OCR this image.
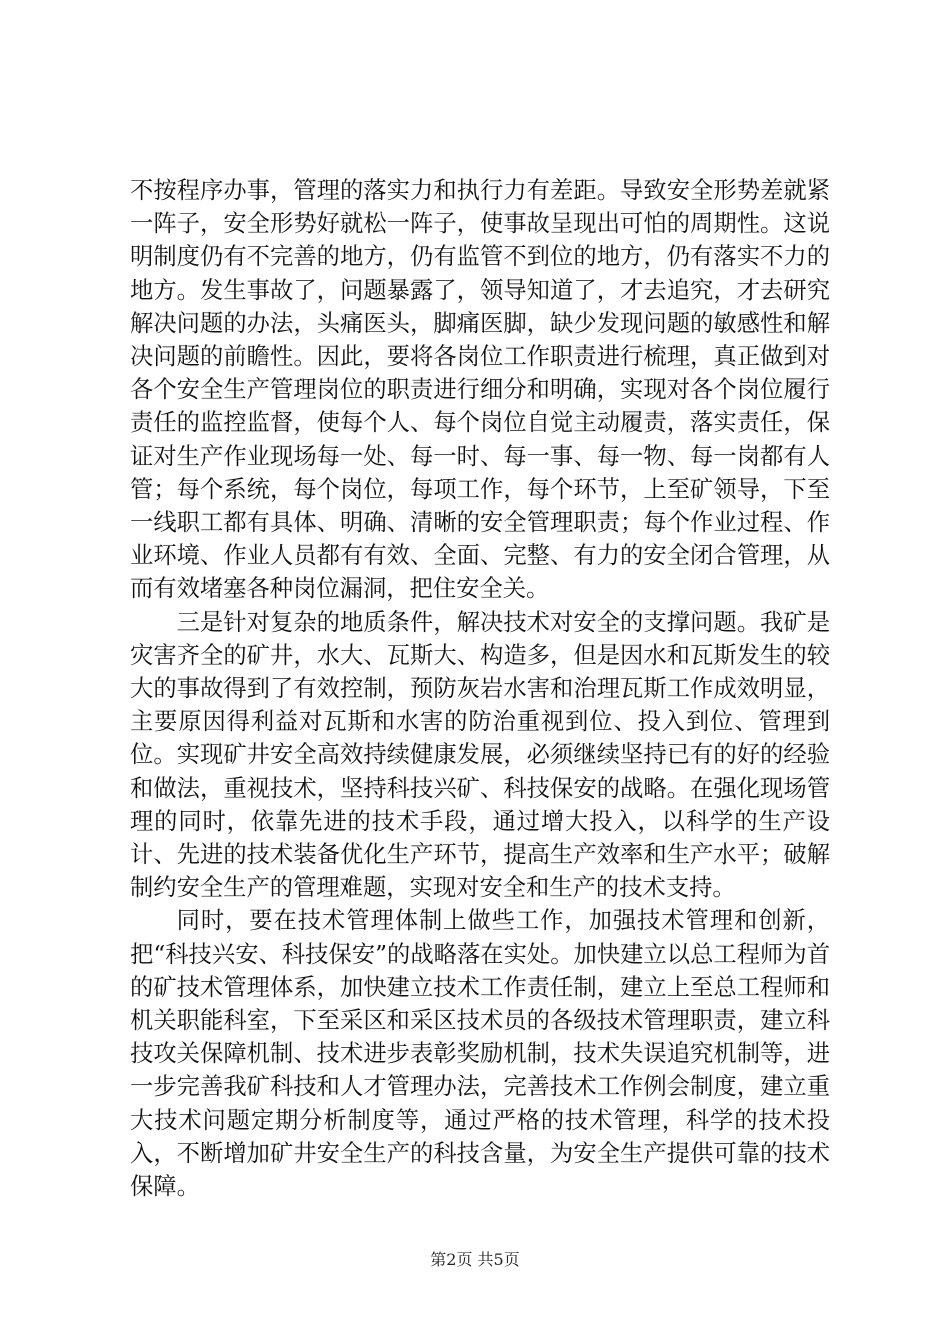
不按程序办事，管理的落实力和执行力有差距。导致安全形势差就紧一阵子，安全形势好就松一阵子，使事故呈现出可怕的周期性。这说明制度仍有不完善的地方，仍有监管不到位的地方，仍有落实不力的地方。发生事故了，问题暴露了，领导知道了，才去追究，才去研究解决问题的办法，头痛医头，脚痛医脚，缺少发现问题的敏感性和解决问题的前瞻性。因此，要将各岗位工作职责进行梳理，真正做到对各个安全生产管理岗位的职责进行细分和明确，实现对各个岗位履行责任的监控监督，使每个人、每个岗位自觉主动履责，落实责任，保证对生产作业现场每一处、每一时、每一事、每一物、每一岗都有人管；每个系统，每个岗位，每项工作，每个环节，上至矿领导，下至一线职工都有具体、明确、清晰的安全管理职责；每个作业过程、作业环境、作业人员都有有效、全面、完整、有力的安全闭合管理，从而有效堵塞各种岗位漏洞，把住安全关。

三是针对复杂的地质条件，解决技术对安全的支撑问题。我矿是灾害齐全的矿井，水大、瓦斯大、构造多，但是因水和瓦斯发生的较大的事故得到了有效控制，预防灰岩水害和治理瓦斯工作成效明显，主要原因得利益对瓦斯和水害的防治重视到位、投入到位、管理到位。实现矿井安全高效持续健康发展，必须继续坚持已有的好的经验和做法，重视技术，坚持科技兴矿、科技保安的战略。在强化现场管理的同时，依靠先进的技术手段，通过增大投入，以科学的生产设计、先进的技术装备优化生产环节，提高生产效率和生产水平；破解制约安全生产的管理难题，实现对安全和生产的技术支持。

同时，要在技术管理体制上做些工作，加强技术管理和创新，把“科技兴安、科技保安”的战略落在实处。加快建立以总工程师为首的矿技术管理体系，加快建立技术工作责任制，建立上至总工程师和机关职能科室，下至采区和采区技术员的各级技术管理职责，建立科技攻关保障机制、技术进步表彰奖励机制，技术失误追究机制等，进一步完善我矿科技和人才管理办法，完善技术工作例会制度，建立重大技术问题定期分析制度等，通过严格的技术管理，科学的技术投入，不断增加矿井安全生产的科技含量，为安全生产提供可靠的技术保障。

第2页 共5页
